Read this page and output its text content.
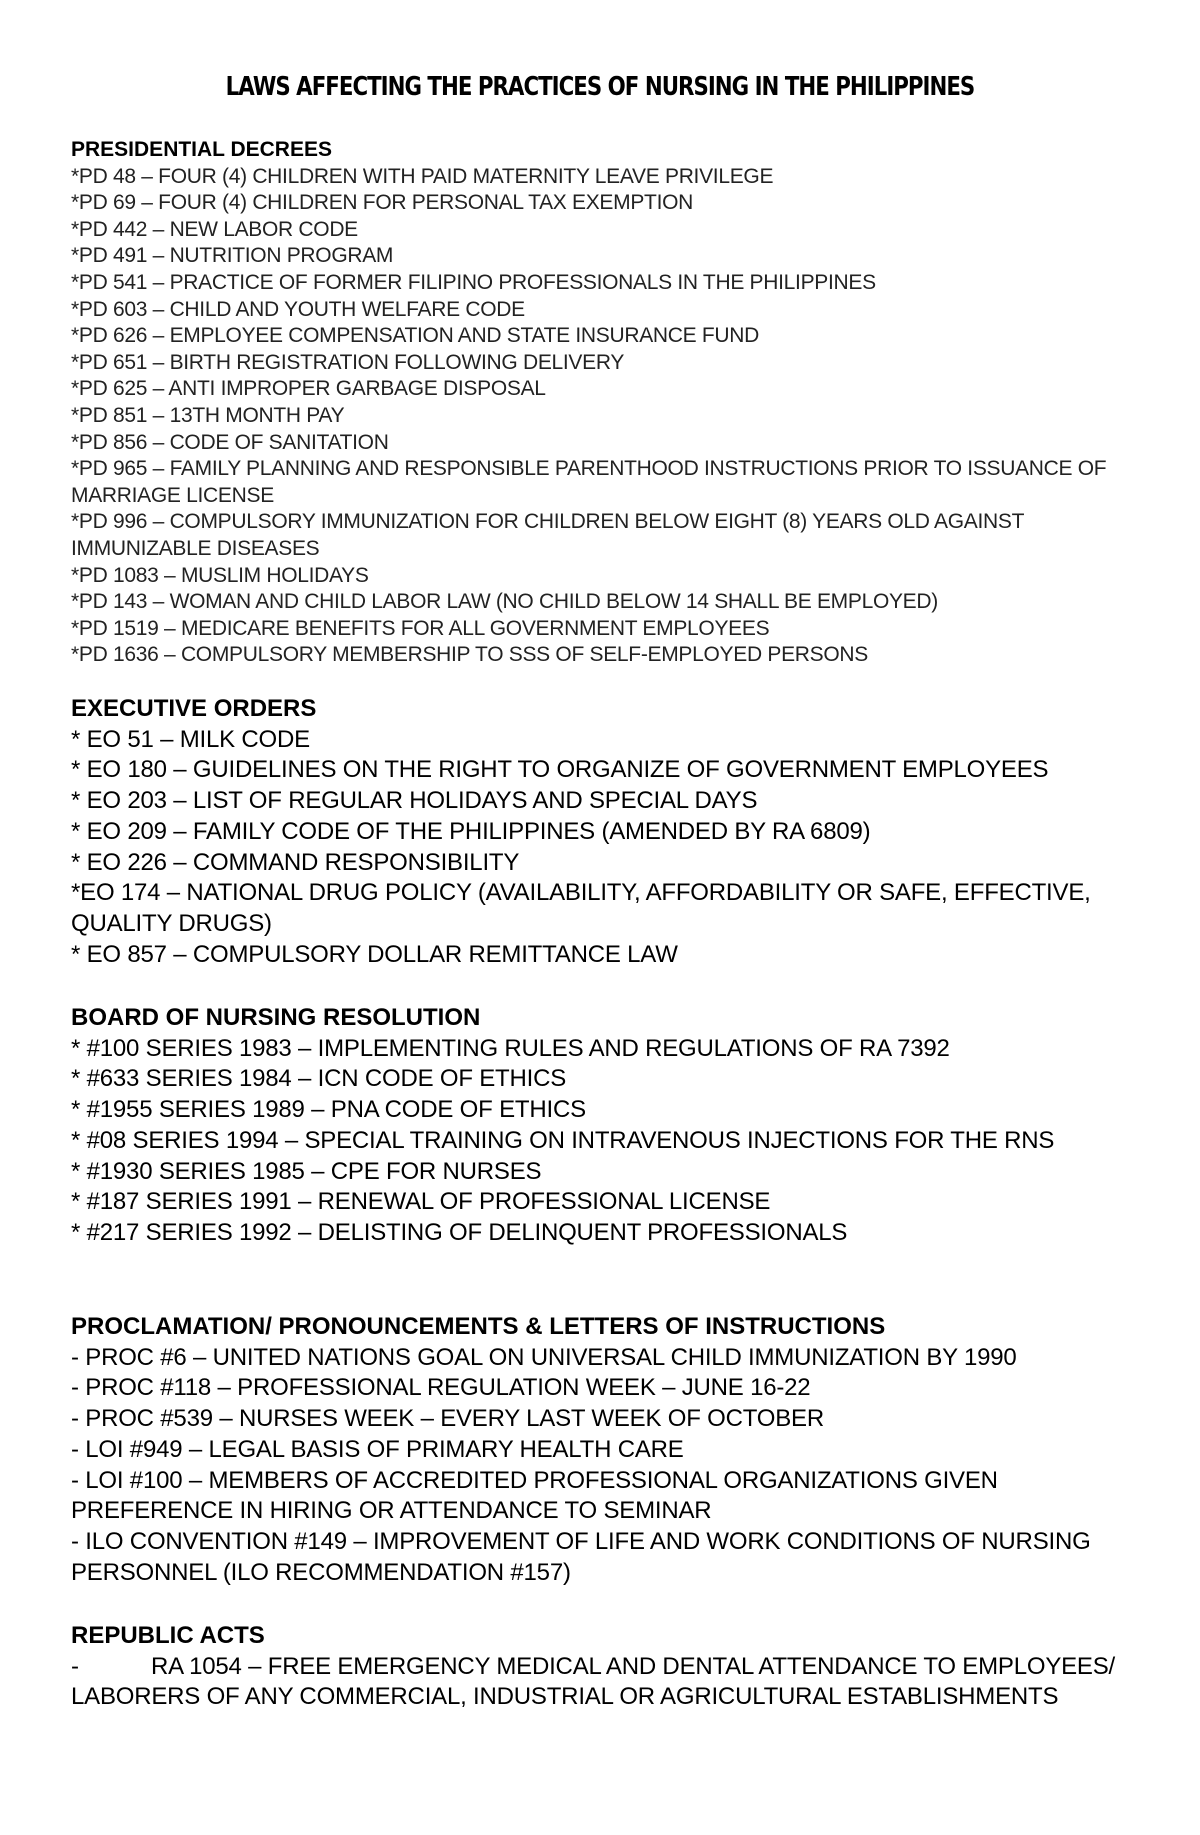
LAWS AFFECTING THE PRACTICES OF NURSING IN THE PHILIPPINES
PRESIDENTIAL DECREES
*PD 48 – FOUR (4) CHILDREN WITH PAID MATERNITY LEAVE PRIVILEGE
*PD 69 – FOUR (4) CHILDREN FOR PERSONAL TAX EXEMPTION
*PD 442 – NEW LABOR CODE
*PD 491 – NUTRITION PROGRAM
*PD 541 – PRACTICE OF FORMER FILIPINO PROFESSIONALS IN THE PHILIPPINES
*PD 603 – CHILD AND YOUTH WELFARE CODE
*PD 626 – EMPLOYEE COMPENSATION AND STATE INSURANCE FUND
*PD 651 – BIRTH REGISTRATION FOLLOWING DELIVERY
*PD 625 – ANTI IMPROPER GARBAGE DISPOSAL
*PD 851 – 13TH MONTH PAY
*PD 856 – CODE OF SANITATION
*PD 965 – FAMILY PLANNING AND RESPONSIBLE PARENTHOOD INSTRUCTIONS PRIOR TO ISSUANCE OF MARRIAGE LICENSE
*PD 996 – COMPULSORY IMMUNIZATION FOR CHILDREN BELOW EIGHT (8) YEARS OLD AGAINST IMMUNIZABLE DISEASES
*PD 1083 – MUSLIM HOLIDAYS
*PD 143 – WOMAN AND CHILD LABOR LAW (NO CHILD BELOW 14 SHALL BE EMPLOYED)
*PD 1519 – MEDICARE BENEFITS FOR ALL GOVERNMENT EMPLOYEES
*PD 1636 – COMPULSORY MEMBERSHIP TO SSS OF SELF-EMPLOYED PERSONS
EXECUTIVE ORDERS
* EO 51 – MILK CODE
* EO 180 – GUIDELINES ON THE RIGHT TO ORGANIZE OF GOVERNMENT EMPLOYEES
* EO 203 – LIST OF REGULAR HOLIDAYS AND SPECIAL DAYS
* EO 209 – FAMILY CODE OF THE PHILIPPINES (AMENDED BY RA 6809)
* EO 226 – COMMAND RESPONSIBILITY
*EO 174 – NATIONAL DRUG POLICY (AVAILABILITY, AFFORDABILITY OR SAFE, EFFECTIVE, QUALITY DRUGS)
* EO 857 – COMPULSORY DOLLAR REMITTANCE LAW
BOARD OF NURSING RESOLUTION
* #100 SERIES 1983 – IMPLEMENTING RULES AND REGULATIONS OF RA 7392
* #633 SERIES 1984 – ICN CODE OF ETHICS
* #1955 SERIES 1989 – PNA CODE OF ETHICS
* #08 SERIES 1994 – SPECIAL TRAINING ON INTRAVENOUS INJECTIONS FOR THE RNS
* #1930 SERIES 1985 – CPE FOR NURSES
* #187 SERIES 1991 – RENEWAL OF PROFESSIONAL LICENSE
* #217 SERIES 1992 – DELISTING OF DELINQUENT PROFESSIONALS
PROCLAMATION/ PRONOUNCEMENTS & LETTERS OF INSTRUCTIONS
- PROC #6 – UNITED NATIONS GOAL ON UNIVERSAL CHILD IMMUNIZATION BY 1990
- PROC #118 – PROFESSIONAL REGULATION WEEK – JUNE 16-22
- PROC #539 – NURSES WEEK – EVERY LAST WEEK OF OCTOBER
- LOI #949 – LEGAL BASIS OF PRIMARY HEALTH CARE
- LOI #100 – MEMBERS OF ACCREDITED PROFESSIONAL ORGANIZATIONS GIVEN PREFERENCE IN HIRING OR ATTENDANCE TO SEMINAR
- ILO CONVENTION #149 – IMPROVEMENT OF LIFE AND WORK CONDITIONS OF NURSING PERSONNEL (ILO RECOMMENDATION #157)
REPUBLIC ACTS
-	RA 1054 – FREE EMERGENCY MEDICAL AND DENTAL ATTENDANCE TO EMPLOYEES/ LABORERS OF ANY COMMERCIAL, INDUSTRIAL OR AGRICULTURAL ESTABLISHMENTS
